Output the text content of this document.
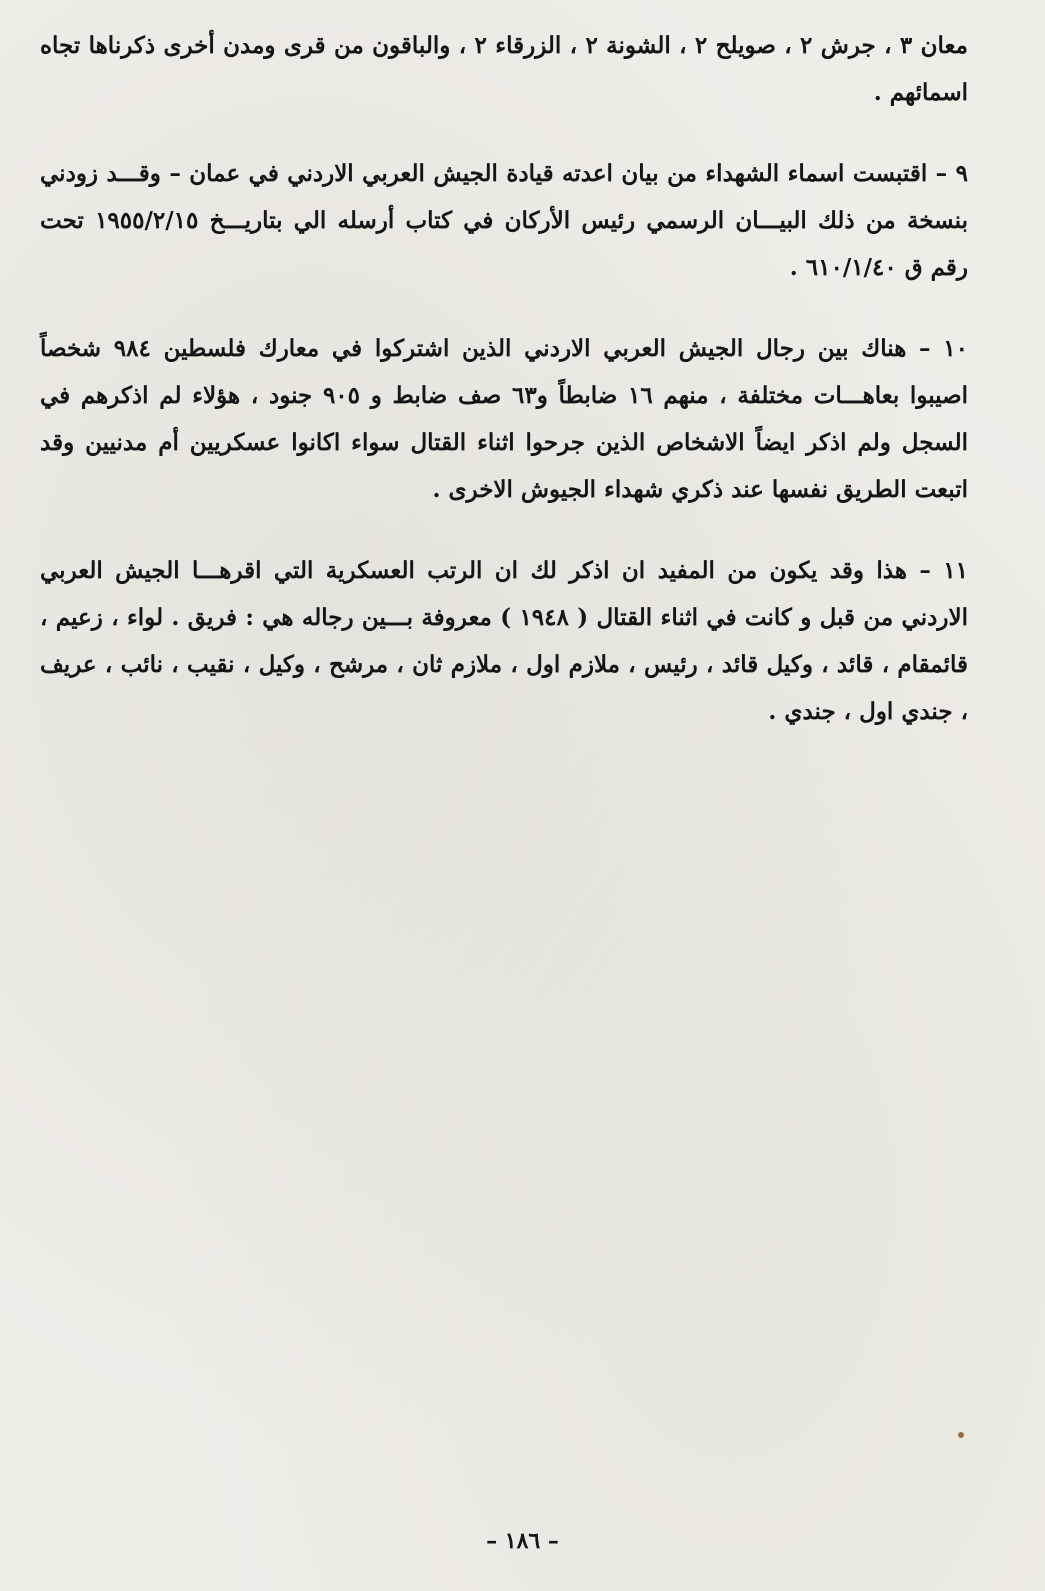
معان ٣ ، جرش ٢ ، صويلح ٢ ، الشونة ٢ ، الزرقاء ٢ ، والباقون من قرى ومدن أخرى ذكرناها تجاه اسمائهم .

٩ – اقتبست اسماء الشهداء من بيان اعدته قيادة الجيش العربي الاردني في عمان – وقـــد زودني بنسخة من ذلك البيـــان الرسمي رئيس الأركان في كتاب أرسله الي بتاريـــخ ١٩٥٥/٢/١٥ تحت رقم ق ٦١٠/١/٤٠ .

١٠ – هناك بين رجال الجيش العربي الاردني الذين اشتركوا في معارك فلسطين ٩٨٤ شخصاً اصيبوا بعاهـــات مختلفة ، منهم ١٦ ضابطاً و٦٣ صف ضابط و ٩٠٥ جنود ، هؤلاء لم اذكرهم في السجل ولم اذكر ايضاً الاشخاص الذين جرحوا اثناء القتال سواء اكانوا عسكريين أم مدنيين وقد اتبعت الطريق نفسها عند ذكري شهداء الجيوش الاخرى .

١١ – هذا وقد يكون من المفيد ان اذكر لك ان الرتب العسكرية التي اقرهـــا الجيش العربي الاردني من قبل و كانت في اثناء القتال ( ١٩٤٨ ) معروفة بـــين رجاله هي : فريق . لواء ، زعيم ، قائمقام ، قائد ، وكيل قائد ، رئيس ، ملازم اول ، ملازم ثان ، مرشح ، وكيل ، نقيب ، نائب ، عريف ، جندي اول ، جندي .

– ١٨٦ –
